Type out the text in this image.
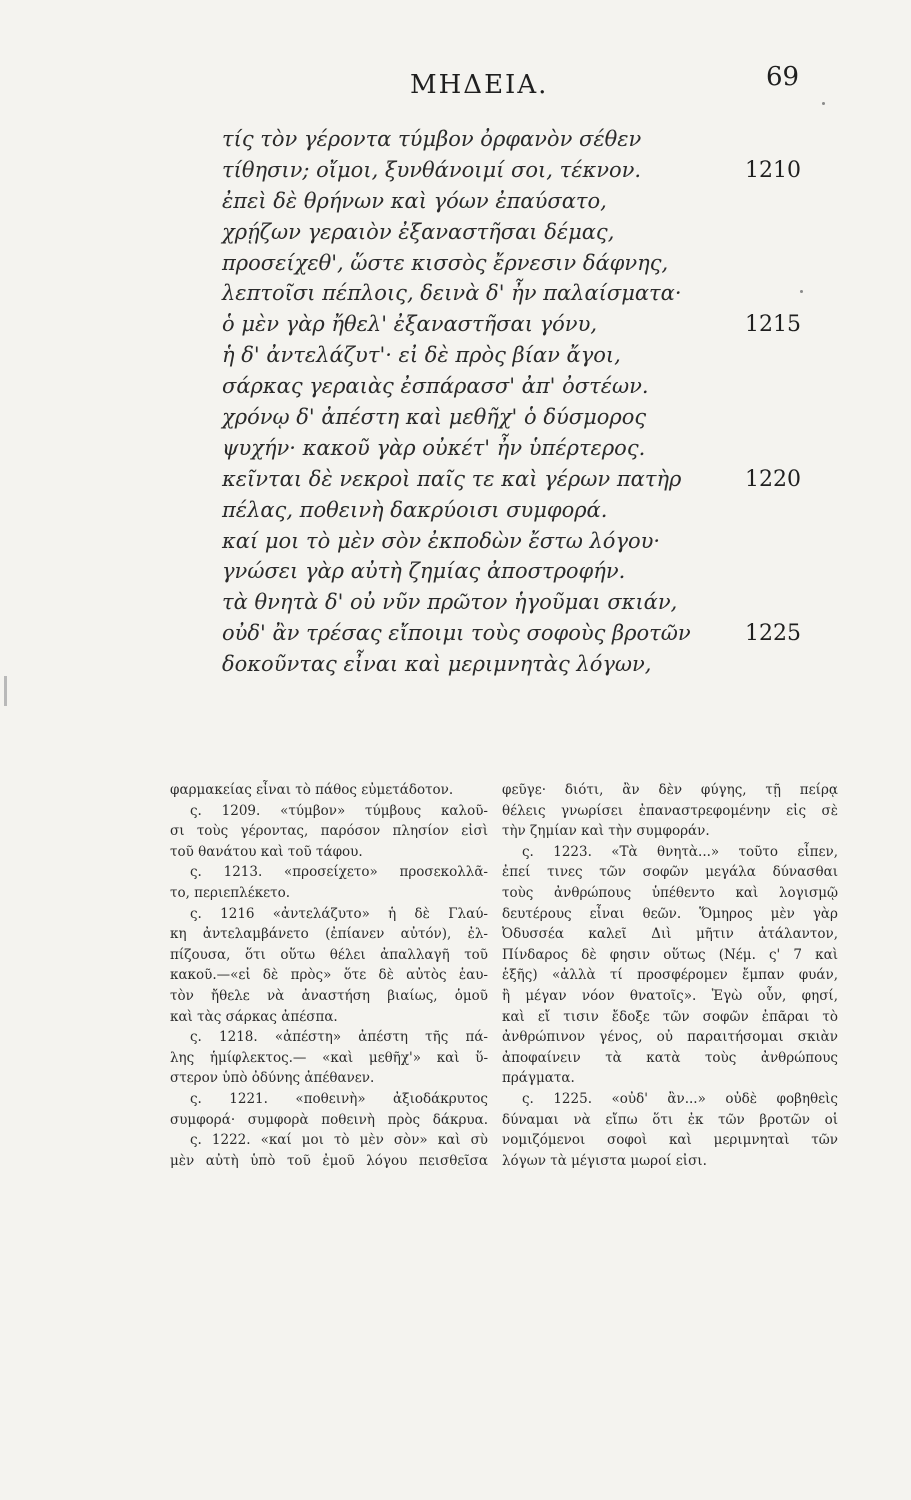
ΜΗΔΕΙΑ.	69
τίς τὸν γέροντα τύμβον ὀρφανὸν σέθεν
τίθησιν; οἴμοι, ξυνθάνοιμί σοι, τέκνον.
ἐπεὶ δὲ θρήνων καὶ γόων ἐπαύσατο,
χρῄζων γεραιὸν ἐξαναστῆσαι δέμας,
προσείχεθ', ὥστε κισσὸς ἔρνεσιν δάφνης,
λεπτοῖσι πέπλοις, δεινὰ δ' ἦν παλαίσματα·
ὁ μὲν γὰρ ἤθελ' ἐξαναστῆσαι γόνυ,
ἡ δ' ἀντελάζυτ'· εἰ δὲ πρὸς βίαν ἄγοι,
σάρκας γεραιὰς ἐσπάρασσ' ἀπ' ὀστέων.
χρόνῳ δ' ἀπέστη καὶ μεθῆχ' ὁ δύσμορος
ψυχήν· κακοῦ γὰρ οὐκέτ' ἦν ὑπέρτερος.
κεῖνται δὲ νεκροὶ παῖς τε καὶ γέρων πατὴρ
πέλας, ποθεινὴ δακρύοισι συμφορά.
καί μοι τὸ μὲν σὸν ἐκποδὼν ἔστω λόγου·
γνώσει γὰρ αὐτὴ ζημίας ἀποστροφήν.
τὰ θνητὰ δ' οὐ νῦν πρῶτον ἡγοῦμαι σκιάν,
οὐδ' ἂν τρέσας εἴποιμι τοὺς σοφοὺς βροτῶν
δοκοῦντας εἶναι καὶ μεριμνητὰς λόγων,
1210
1215
1220
1225
φαρμακείας εἶναι τὸ πάθος εὐμετάδοτον.
ς. 1209. «τύμβον» τύμβους καλοῦ-
σι τοὺς γέροντας, παρόσον πλησίον εἰσὶ
τοῦ θανάτου καὶ τοῦ τάφου.
ς. 1213. «προσείχετο» προσεκολλᾶ-
το, περιεπλέκετο.
ς. 1216 «ἀντελάζυτο» ἡ δὲ Γλαύ-
κη ἀντελαμβάνετο (ἐπίανεν αὐτόν), ἐλ-
πίζουσα, ὅτι οὕτω θέλει ἀπαλλαγῆ τοῦ
κακοῦ.—«εἰ δὲ πρὸς» ὅτε δὲ αὐτὸς ἑαυ-
τὸν ἤθελε νὰ ἀναστήση βιαίως, ὁμοῦ
καὶ τὰς σάρκας ἀπέσπα.
ς. 1218. «ἀπέστη» ἀπέστη τῆς πά-
λης ἡμίφλεκτος.— «καὶ μεθῆχ'» καὶ ὕ-
στερον ὑπὸ ὀδύνης ἀπέθανεν.
ς. 1221. «ποθεινὴ» ἀξιοδάκρυτος
συμφορά· συμφορὰ ποθεινὴ πρὸς δάκρυα.
ς. 1222. «καί μοι τὸ μὲν σὸν» καὶ σὺ
μὲν αὐτὴ ὑπὸ τοῦ ἐμοῦ λόγου πεισθεῖσα
φεῦγε· διότι, ἂν δὲν φύγης, τῇ πείρᾳ
θέλεις γνωρίσει ἐπαναστρεφομένην εἰς σὲ
τὴν ζημίαν καὶ τὴν συμφοράν.
ς. 1223. «Τὰ θνητὰ...» τοῦτο εἶπεν,
ἐπεί τινες τῶν σοφῶν μεγάλα δύνασθαι
τοὺς ἀνθρώπους ὑπέθεντο καὶ λογισμῷ
δευτέρους εἶναι θεῶν. Ὅμηρος μὲν γὰρ
Ὀδυσσέα καλεῖ Διὶ μῆτιν ἀτάλαντον,
Πίνδαρος δὲ φησιν οὕτως (Νέμ. ς' 7 καὶ
ἑξῆς) «ἀλλὰ τί προσφέρομεν ἔμπαν φυάν,
ἢ μέγαν νόον θνατοῖς». Ἐγὼ οὖν, φησί,
καὶ εἴ τισιν ἔδοξε τῶν σοφῶν ἐπᾶραι τὸ
ἀνθρώπινον γένος, οὐ παραιτήσομαι σκιὰν
ἀποφαίνειν τὰ κατὰ τοὺς ἀνθρώπους
πράγματα.
ς. 1225. «οὐδ' ἂν...» οὐδὲ φοβηθεὶς
δύναμαι νὰ εἴπω ὅτι ἐκ τῶν βροτῶν οἱ
νομιζόμενοι σοφοὶ καὶ μεριμνηταὶ τῶν
λόγων τὰ μέγιστα μωροί εἰσι.
